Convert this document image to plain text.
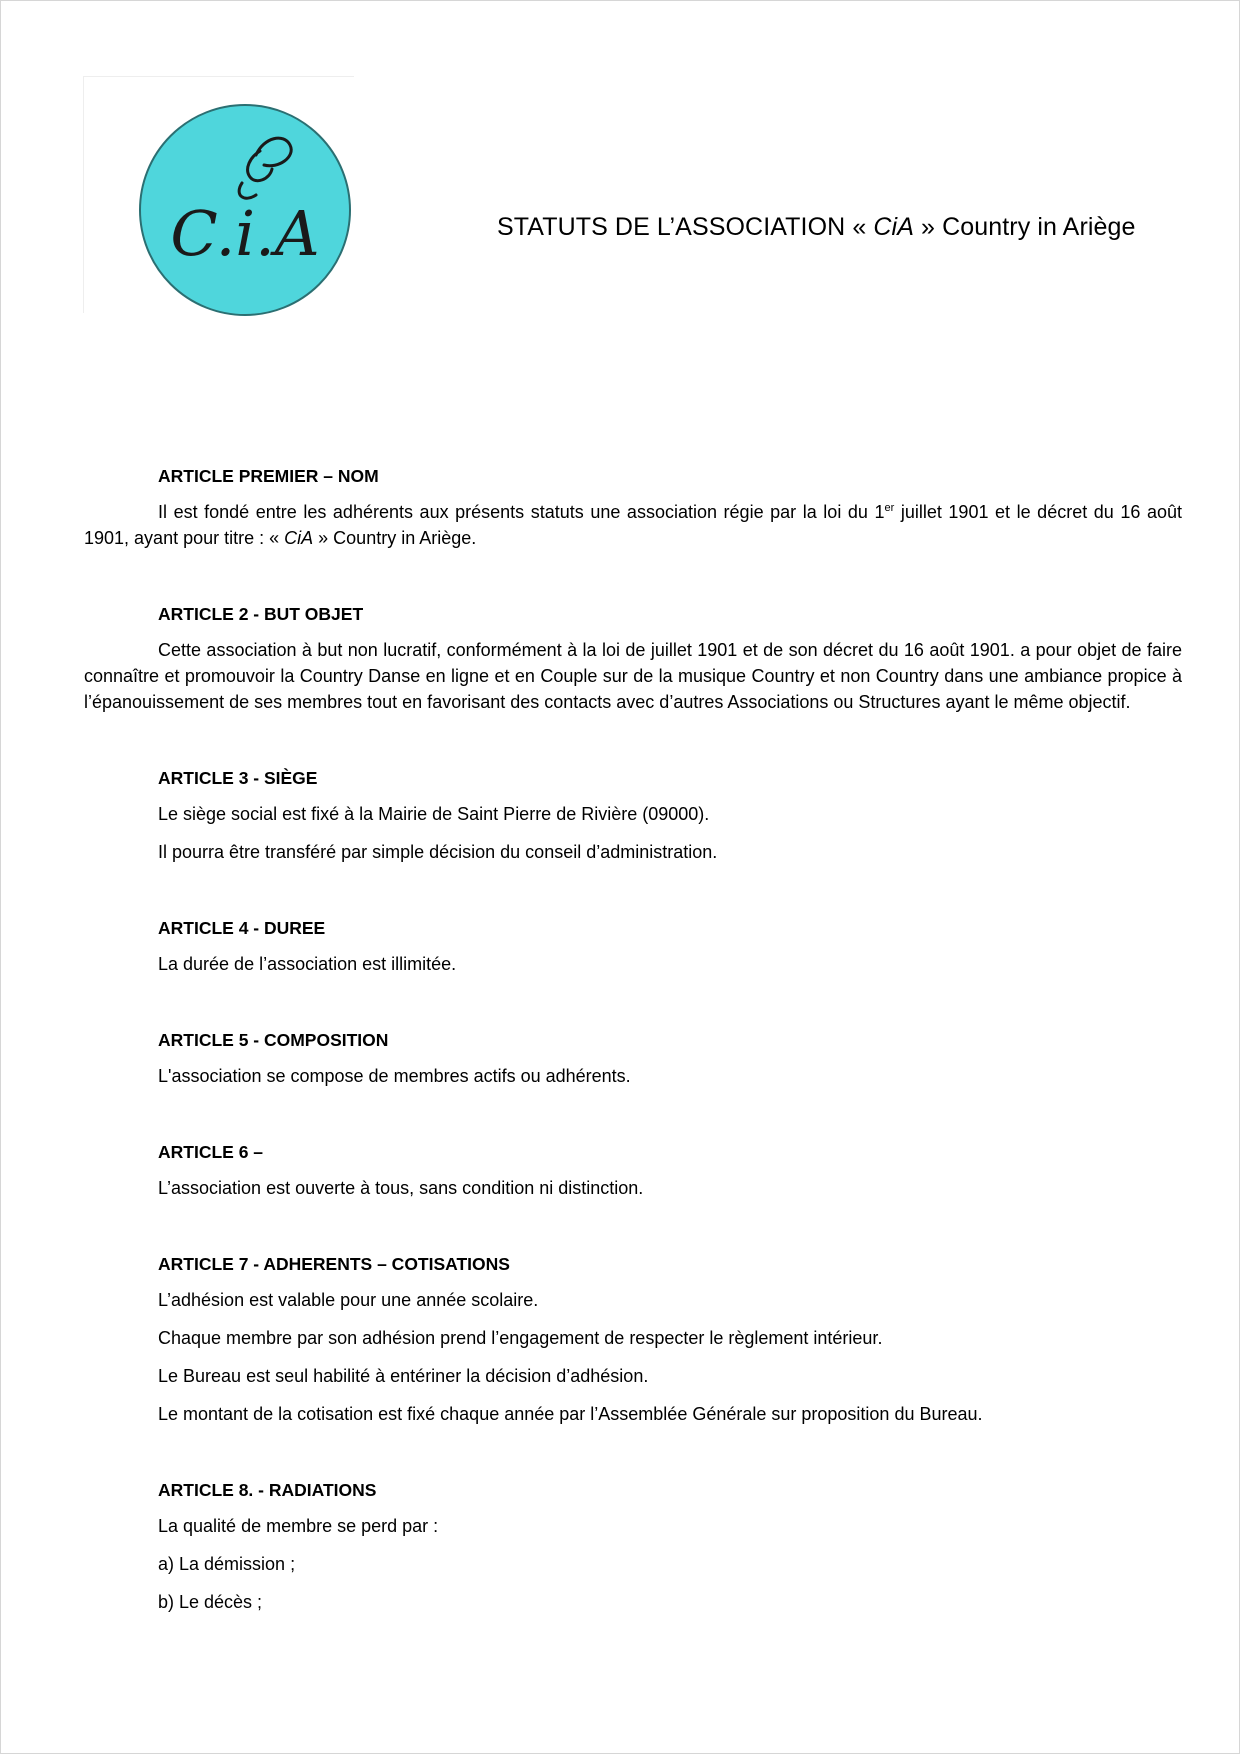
C.i.A	STATUTS DE L’ASSOCIATION « CiA » Country in Ariège
ARTICLE PREMIER – NOM

Il est fondé entre les adhérents aux présents statuts une association régie par la loi du 1er juillet 1901 et le décret du 16 août 1901, ayant pour titre : « CiA » Country in Ariège.

ARTICLE 2 - BUT OBJET

Cette association à but non lucratif, conformément à la loi de juillet 1901 et de son décret du 16 août 1901. a pour objet de faire connaître et promouvoir la Country Danse en ligne et en Couple sur de la musique Country et non Country dans une ambiance propice à l’épanouissement de ses membres tout en favorisant des contacts avec d’autres Associations ou Structures ayant le même objectif.

ARTICLE 3 - SIÈGE

Le siège social est fixé à la Mairie de Saint Pierre de Rivière (09000).

Il pourra être transféré par simple décision du conseil d’administration.

ARTICLE 4 - DUREE

La durée de l’association est illimitée.

ARTICLE 5 - COMPOSITION

L'association se compose de membres actifs ou adhérents.

ARTICLE 6 –

L’association est ouverte à tous, sans condition ni distinction.

ARTICLE 7 - ADHERENTS – COTISATIONS

L’adhésion est valable pour une année scolaire.

Chaque membre par son adhésion prend l’engagement de respecter le règlement intérieur.

Le Bureau est seul habilité à entériner la décision d’adhésion.

Le montant de la cotisation est fixé chaque année par l’Assemblée Générale sur proposition du Bureau.

ARTICLE 8. - RADIATIONS

La qualité de membre se perd par :

a) La démission ;

b) Le décès ;
